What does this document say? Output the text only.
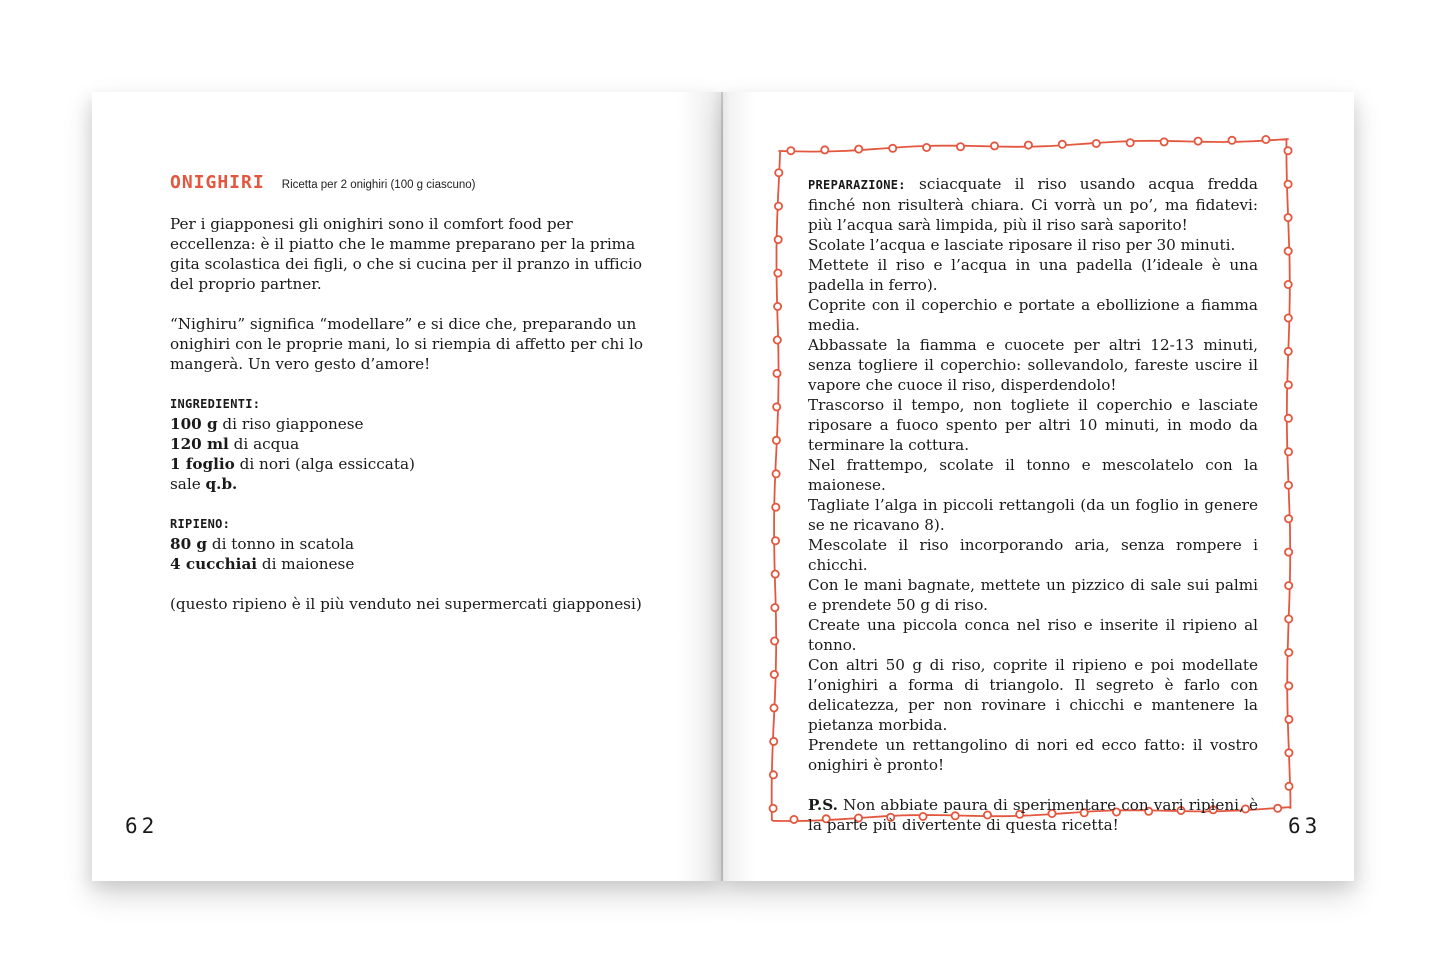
ONIGHIRI Ricetta per 2 onighiri (100 g ciascuno)

Per i giapponesi gli onighiri sono il comfort food per eccellenza: è il piatto che le mamme preparano per la prima gita scolastica dei figli, o che si cucina per il pranzo in ufficio del proprio partner.

“Nighiru” significa “modellare” e si dice che, preparando un onighiri con le proprie mani, lo si riempia di affetto per chi lo mangerà. Un vero gesto d’amore!

INGREDIENTI:

100 g di riso giapponese

120 ml di acqua

1 foglio di nori (alga essiccata)

sale q.b.

RIPIENO:

80 g di tonno in scatola

4 cucchiai di maionese

(questo ripieno è il più venduto nei supermercati giapponesi)

62

PREPARAZIONE: sciacquate il riso usando acqua fredda finché non risulterà chiara. Ci vorrà un po’, ma fidatevi: più l’acqua sarà limpida, più il riso sarà saporito!

Scolate l’acqua e lasciate riposare il riso per 30 minuti.

Mettete il riso e l’acqua in una padella (l’ideale è una padella in ferro).

Coprite con il coperchio e portate a ebollizione a fiamma media.

Abbassate la fiamma e cuocete per altri 12-13 minuti, senza togliere il coperchio: sollevandolo, fareste uscire il vapore che cuoce il riso, disperdendolo!

Trascorso il tempo, non togliete il coperchio e lasciate riposare a fuoco spento per altri 10 minuti, in modo da terminare la cottura.

Nel frattempo, scolate il tonno e mescolatelo con la maionese.

Tagliate l’alga in piccoli rettangoli (da un foglio in genere se ne ricavano 8).

Mescolate il riso incorporando aria, senza rompere i chicchi.

Con le mani bagnate, mettete un pizzico di sale sui palmi e prendete 50 g di riso.

Create una piccola conca nel riso e inserite il ripieno al tonno.

Con altri 50 g di riso, coprite il ripieno e poi modellate l’onighiri a forma di triangolo. Il segreto è farlo con delicatezza, per non rovinare i chicchi e mantenere la pietanza morbida.

Prendete un rettangolino di nori ed ecco fatto: il vostro onighiri è pronto!

P.S. Non abbiate paura di sperimentare con vari ripieni, è la parte più divertente di questa ricetta!	63
